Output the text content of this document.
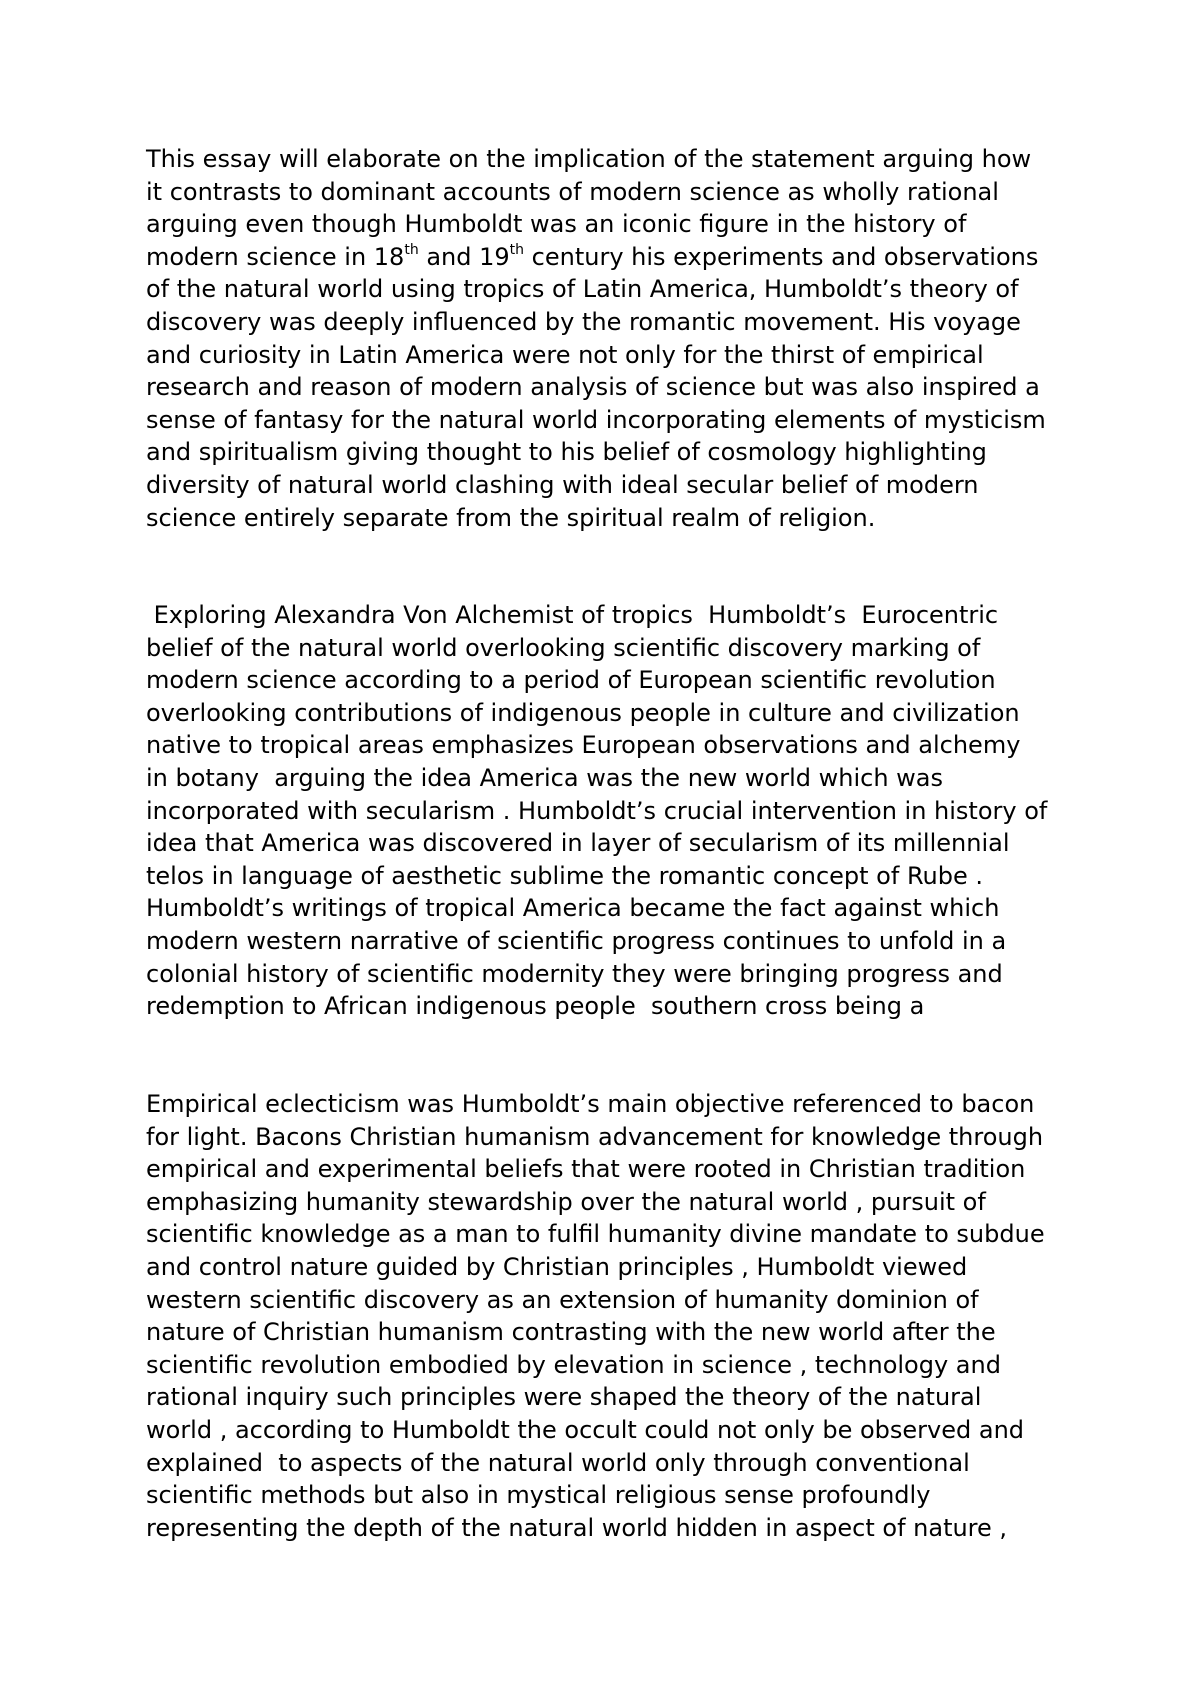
This essay will elaborate on the implication of the statement arguing how
it contrasts to dominant accounts of modern science as wholly rational
arguing even though Humboldt was an iconic figure in the history of
modern science in 18th and 19th century his experiments and observations
of the natural world using tropics of Latin America, Humboldt’s theory of
discovery was deeply influenced by the romantic movement. His voyage
and curiosity in Latin America were not only for the thirst of empirical
research and reason of modern analysis of science but was also inspired a
sense of fantasy for the natural world incorporating elements of mysticism
and spiritualism giving thought to his belief of cosmology highlighting
diversity of natural world clashing with ideal secular belief of modern
science entirely separate from the spiritual realm of religion.
Exploring Alexandra Von Alchemist of tropics  Humboldt’s  Eurocentric
belief of the natural world overlooking scientific discovery marking of
modern science according to a period of European scientific revolution
overlooking contributions of indigenous people in culture and civilization
native to tropical areas emphasizes European observations and alchemy
in botany  arguing the idea America was the new world which was
incorporated with secularism . Humboldt’s crucial intervention in history of
idea that America was discovered in layer of secularism of its millennial
telos in language of aesthetic sublime the romantic concept of Rube .
Humboldt’s writings of tropical America became the fact against which
modern western narrative of scientific progress continues to unfold in a
colonial history of scientific modernity they were bringing progress and
redemption to African indigenous people  southern cross being a
Empirical eclecticism was Humboldt’s main objective referenced to bacon
for light. Bacons Christian humanism advancement for knowledge through
empirical and experimental beliefs that were rooted in Christian tradition
emphasizing humanity stewardship over the natural world , pursuit of
scientific knowledge as a man to fulfil humanity divine mandate to subdue
and control nature guided by Christian principles , Humboldt viewed
western scientific discovery as an extension of humanity dominion of
nature of Christian humanism contrasting with the new world after the
scientific revolution embodied by elevation in science , technology and
rational inquiry such principles were shaped the theory of the natural
world , according to Humboldt the occult could not only be observed and
explained  to aspects of the natural world only through conventional
scientific methods but also in mystical religious sense profoundly
representing the depth of the natural world hidden in aspect of nature ,
